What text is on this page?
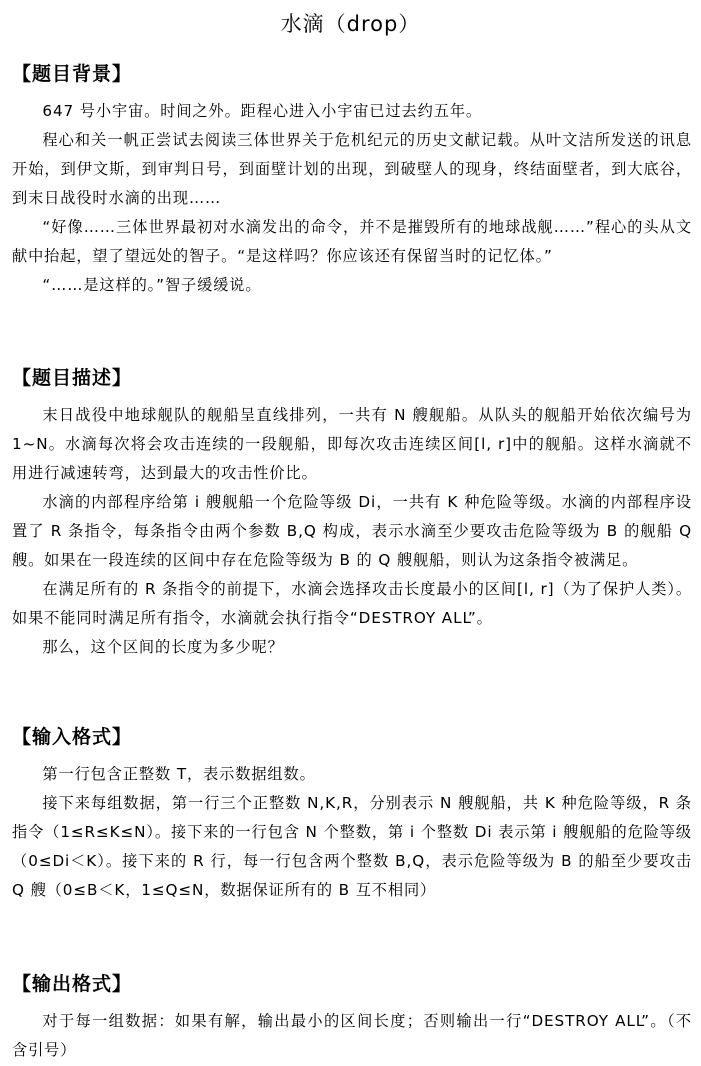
水滴（drop）
【题目背景】

647 号小宇宙。时间之外。距程心进入小宇宙已过去约五年。

程心和关一帆正尝试去阅读三体世界关于危机纪元的历史文献记载。从叶文洁所发送的讯息开始，到伊文斯，到审判日号，到面壁计划的出现，到破壁人的现身，终结面壁者，到大底谷，到末日战役时水滴的出现……

“好像……三体世界最初对水滴发出的命令，并不是摧毁所有的地球战舰……”程心的头从文献中抬起，望了望远处的智子。“是这样吗？你应该还有保留当时的记忆体。”

“……是这样的。”智子缓缓说。

【题目描述】

末日战役中地球舰队的舰船呈直线排列，一共有 N 艘舰船。从队头的舰船开始依次编号为 1~N。水滴每次将会攻击连续的一段舰船，即每次攻击连续区间[l, r]中的舰船。这样水滴就不用进行减速转弯，达到最大的攻击性价比。

水滴的内部程序给第 i 艘舰船一个危险等级 Di，一共有 K 种危险等级。水滴的内部程序设置了 R 条指令，每条指令由两个参数 B,Q 构成，表示水滴至少要攻击危险等级为 B 的舰船 Q 艘。如果在一段连续的区间中存在危险等级为 B 的 Q 艘舰船，则认为这条指令被满足。

在满足所有的 R 条指令的前提下，水滴会选择攻击长度最小的区间[l, r]（为了保护人类）。如果不能同时满足所有指令，水滴就会执行指令“DESTROY ALL”。

那么，这个区间的长度为多少呢？

【输入格式】

第一行包含正整数 T，表示数据组数。

接下来每组数据，第一行三个正整数 N,K,R，分别表示 N 艘舰船，共 K 种危险等级，R 条指令（1≤R≤K≤N）。接下来的一行包含 N 个整数，第 i 个整数 Di 表示第 i 艘舰船的危险等级（0≤Di＜K）。接下来的 R 行，每一行包含两个整数 B,Q，表示危险等级为 B 的船至少要攻击 Q 艘（0≤B＜K，1≤Q≤N，数据保证所有的 B 互不相同）

【输出格式】

对于每一组数据：如果有解，输出最小的区间长度；否则输出一行“DESTROY ALL”。（不含引号）
